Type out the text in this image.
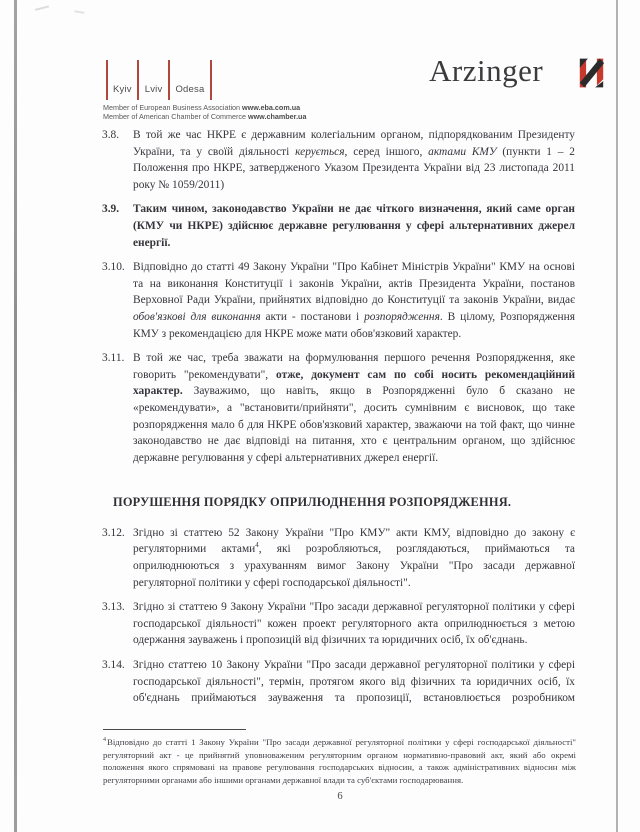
Kyiv Lviv Odesa
Member of European Business Association www.eba.com.ua
Member of American Chamber of Commerce www.chamber.ua
Arzinger
3.8. В той же час НКРЕ є державним колегіальним органом, підпорядкованим Президенту України, та у своїй діяльності керується, серед іншого, актами КМУ (пункти 1 – 2 Положення про НКРЕ, затвердженого Указом Президента України від 23 листопада 2011 року № 1059/2011)
3.9. Таким чином, законодавство України не дає чіткого визначення, який саме орган (КМУ чи НКРЕ) здійснює державне регулювання у сфері альтернативних джерел енергії.
3.10. Відповідно до статті 49 Закону України "Про Кабінет Міністрів України" КМУ на основі та на виконання Конституції і законів України, актів Президента України, постанов Верховної Ради України, прийнятих відповідно до Конституції та законів України, видає обов'язкові для виконання акти - постанови і розпорядження. В цілому, Розпорядження КМУ з рекомендацією для НКРЕ може мати обов'язковий характер.
3.11. В той же час, треба зважати на формулювання першого речення Розпорядження, яке говорить "рекомендувати", отже, документ сам по собі носить рекомендаційний характер. Зауважимо, що навіть, якщо в Розпорядженні було б сказано не «рекомендувати», а "встановити/прийняти", досить сумнівним є висновок, що таке розпорядження мало б для НКРЕ обов'язковий характер, зважаючи на той факт, що чинне законодавство не дає відповіді на питання, хто є центральним органом, що здійснює державне регулювання у сфері альтернативних джерел енергії.
ПОРУШЕННЯ ПОРЯДКУ ОПРИЛЮДНЕННЯ РОЗПОРЯДЖЕННЯ.
3.12. Згідно зі статтею 52 Закону України "Про КМУ" акти КМУ, відповідно до закону є регуляторними актами$^4$, які розробляються, розглядаються, приймаються та оприлюднюються з урахуванням вимог Закону України "Про засади державної регуляторної політики у сфері господарської діяльності".
3.13. Згідно зі статтею 9 Закону України "Про засади державної регуляторної політики у сфері господарської діяльності" кожен проект регуляторного акта оприлюднюється з метою одержання зауважень і пропозицій від фізичних та юридичних осіб, їх об'єднань.
3.14. Згідно статтею 10 Закону України "Про засади державної регуляторної політики у сфері господарської діяльності", термін, протягом якого від фізичних та юридичних осіб, їх об'єднань приймаються зауваження та пропозиції, встановлюється розробником
$^4$Відповідно до статті 1 Закону України "Про засади державної регуляторної політики у сфері господарської діяльності" регуляторний акт - це прийнятий уповноваженим регуляторним органом нормативно-правовий акт, який або окремі положення якого спрямовані на правове регулювання господарських відносин, а також адміністративних відносин між регуляторними органами або іншими органами державної влади та суб'єктами господарювання.
6
